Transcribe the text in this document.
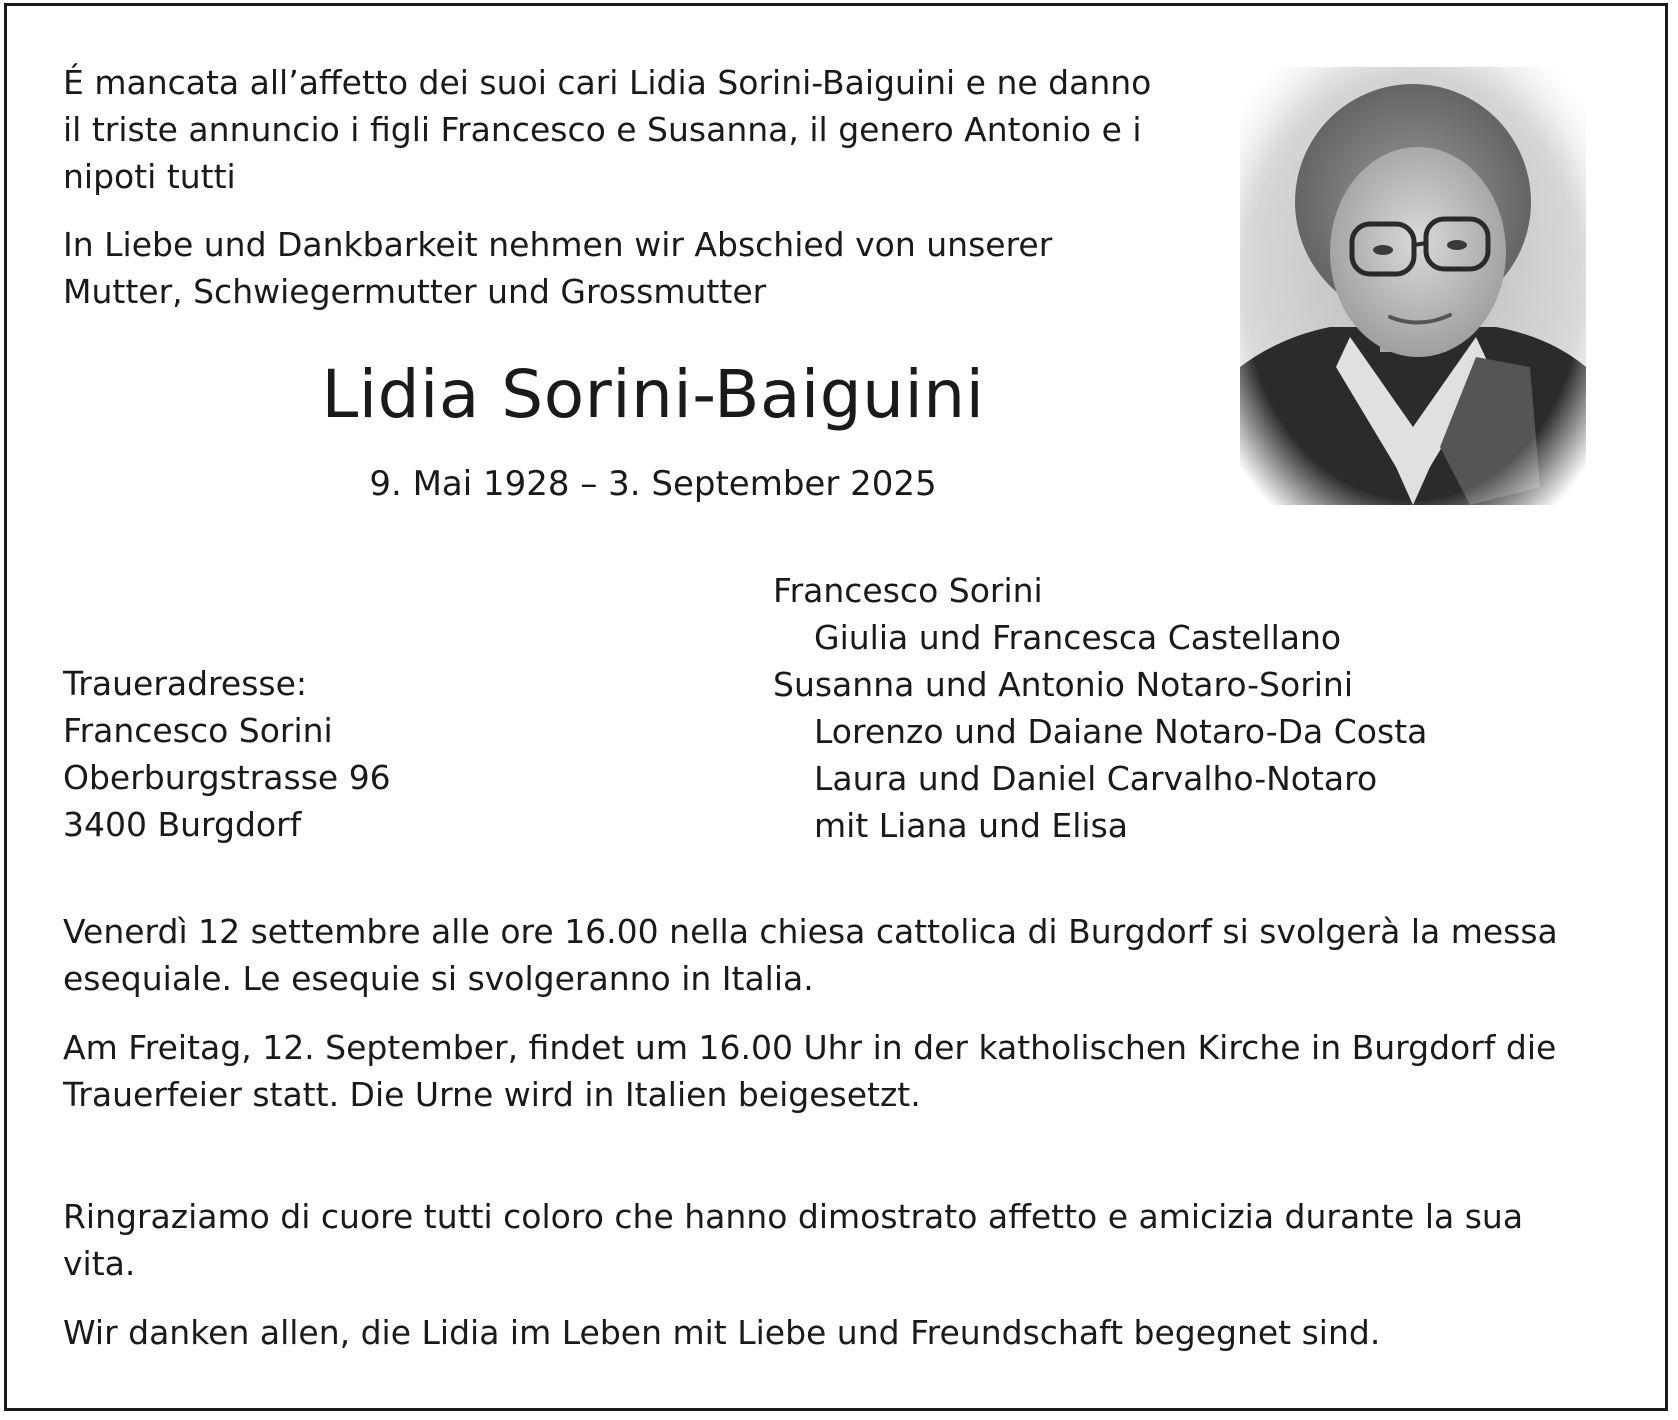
É mancata all’affetto dei suoi cari Lidia Sorini-Baiguini e ne danno
il triste annuncio i figli Francesco e Susanna, il genero Antonio e i
nipoti tutti
In Liebe und Dankbarkeit nehmen wir Abschied von unserer
Mutter, Schwiegermutter und Grossmutter
Lidia Sorini-Baiguini
9. Mai 1928 – 3. September 2025
Traueradresse:
Francesco Sorini
Oberburgstrasse 96
3400 Burgdorf
Francesco Sorini
Giulia und Francesca Castellano
Susanna und Antonio Notaro-Sorini
Lorenzo und Daiane Notaro-Da Costa
Laura und Daniel Carvalho-Notaro
mit Liana und Elisa
Venerdì 12 settembre alle ore 16.00 nella chiesa cattolica di Burgdorf si svolgerà la messa
esequiale. Le esequie si svolgeranno in Italia.
Am Freitag, 12. September, findet um 16.00 Uhr in der katholischen Kirche in Burgdorf die
Trauerfeier statt. Die Urne wird in Italien beigesetzt.
Ringraziamo di cuore tutti coloro che hanno dimostrato affetto e amicizia durante la sua
vita.
Wir danken allen, die Lidia im Leben mit Liebe und Freundschaft begegnet sind.
